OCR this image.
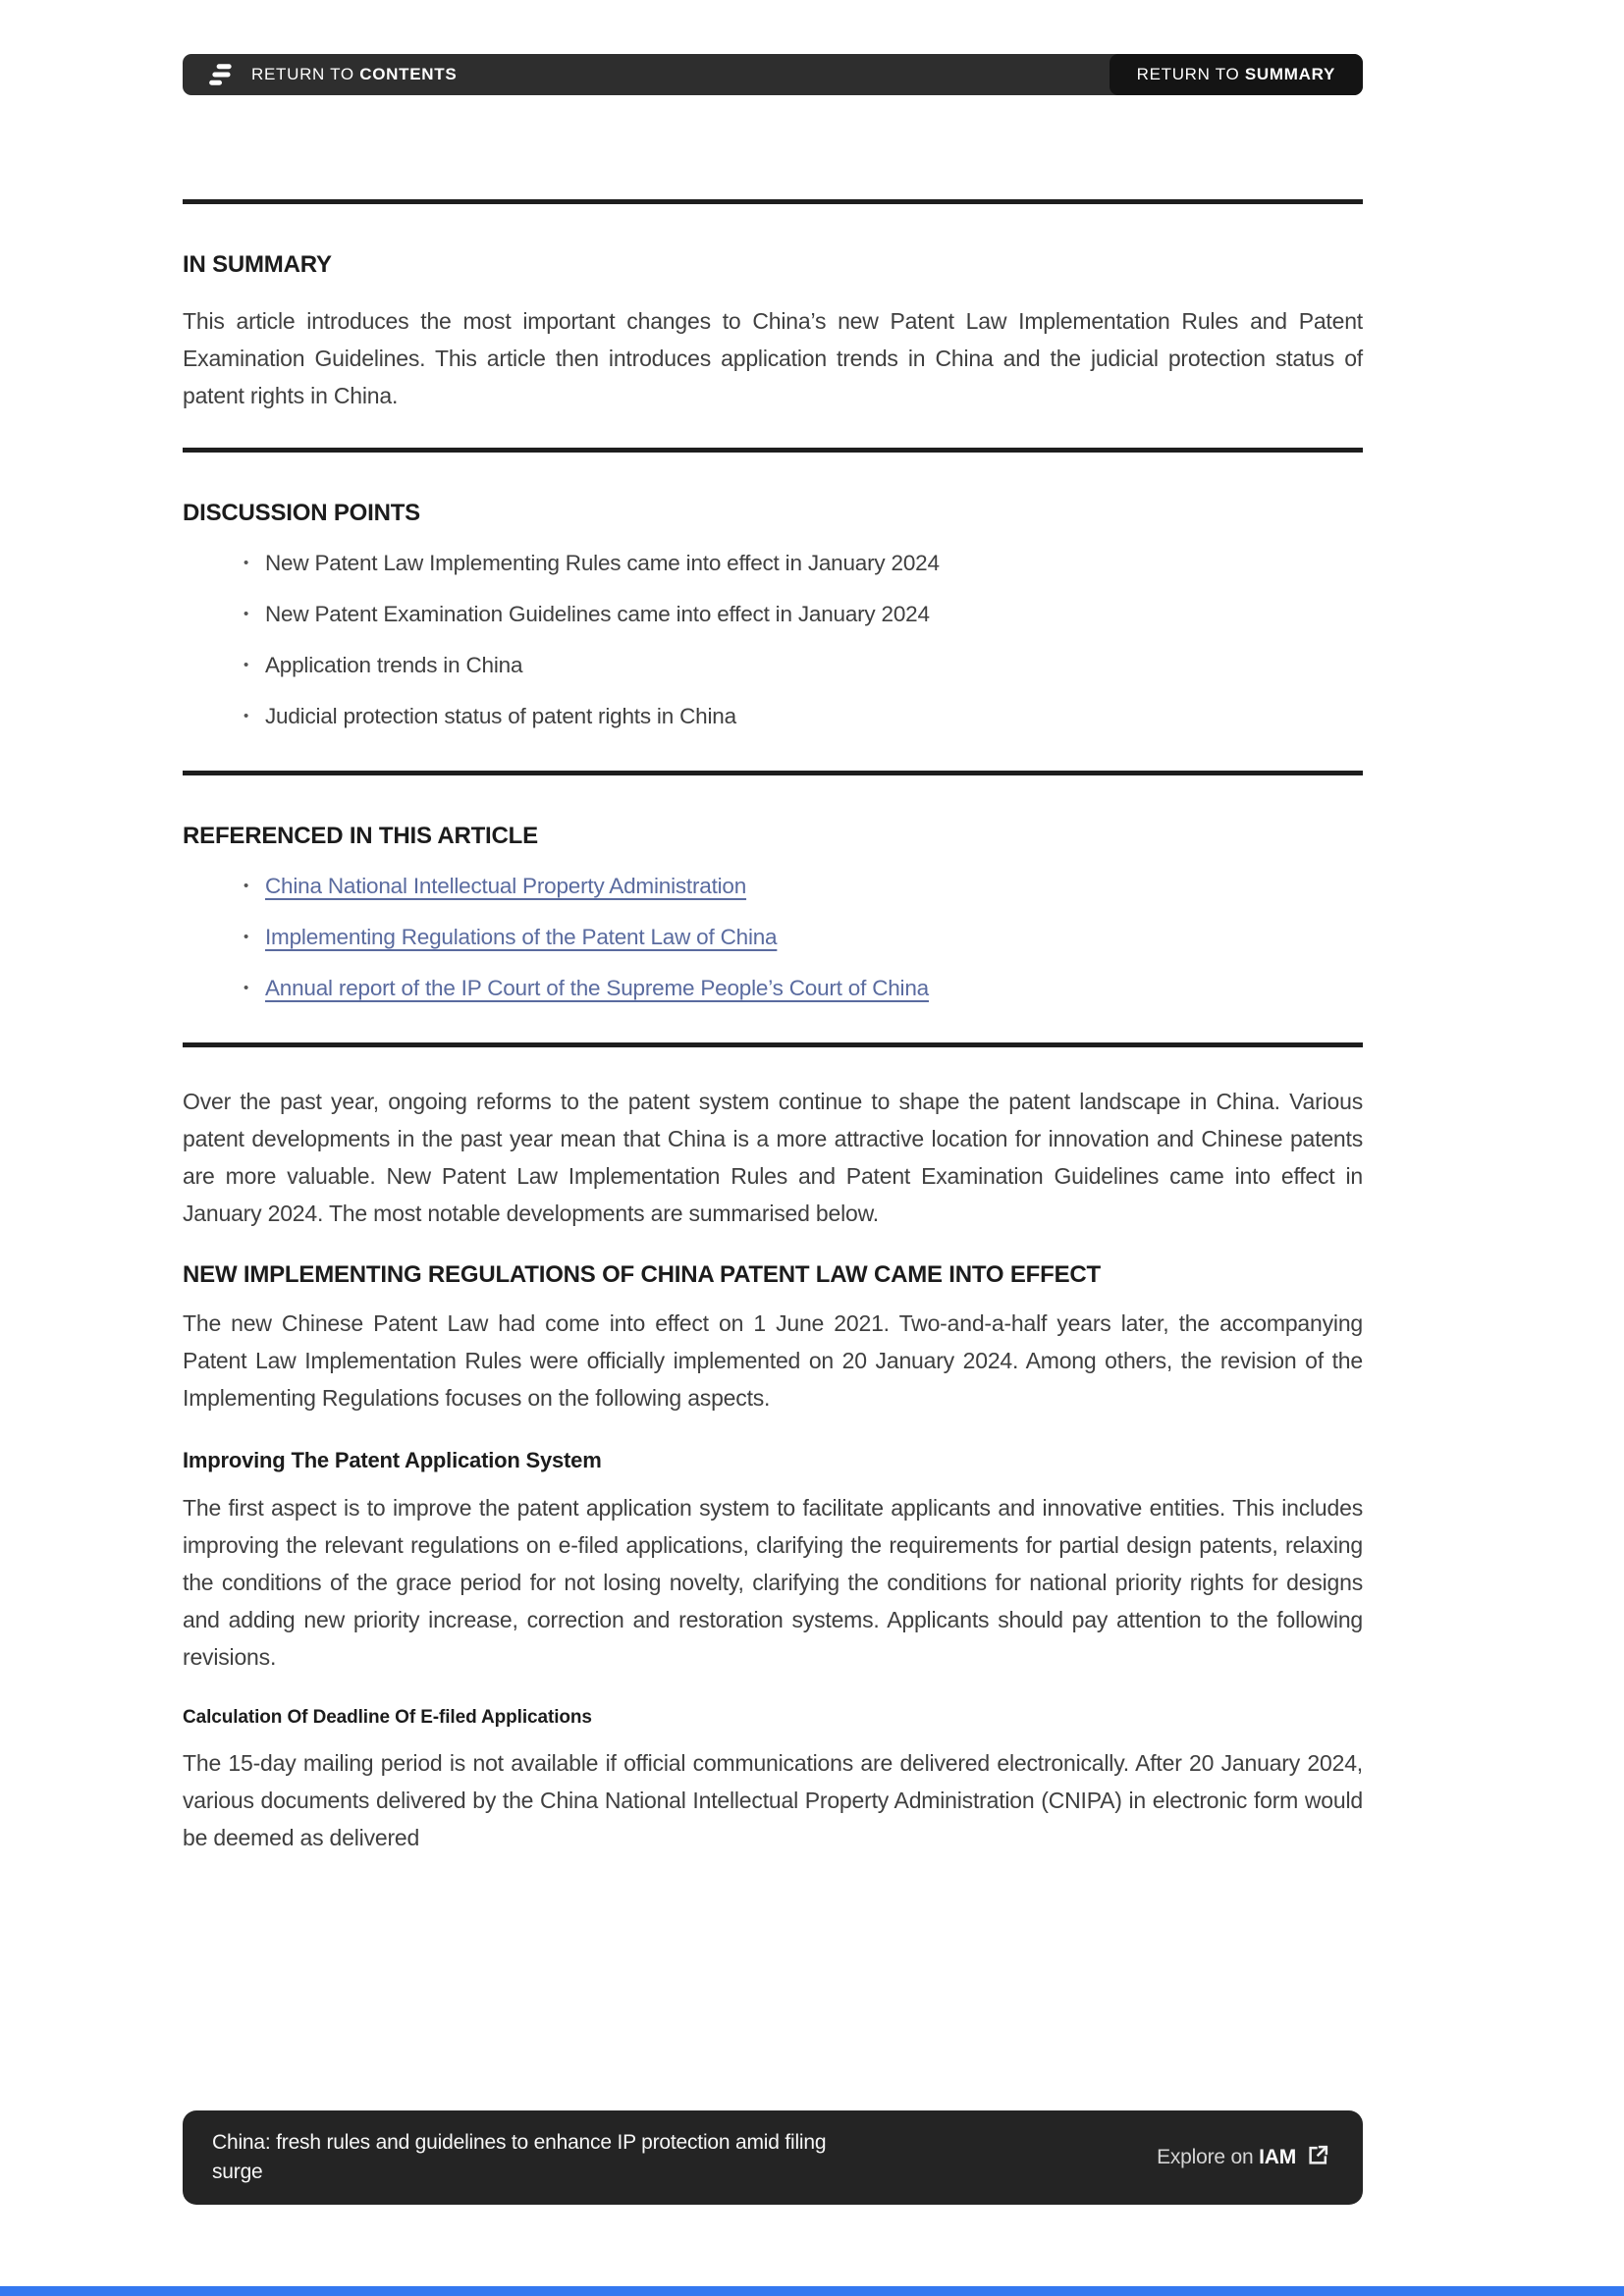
RETURN TO CONTENTS	RETURN TO SUMMARY
IN SUMMARY

This article introduces the most important changes to China’s new Patent Law Implementation Rules and Patent Examination Guidelines. This article then introduces application trends in China and the judicial protection status of patent rights in China.

DISCUSSION POINTS
• New Patent Law Implementing Rules came into effect in January 2024
• New Patent Examination Guidelines came into effect in January 2024
• Application trends in China
• Judicial protection status of patent rights in China
REFERENCED IN THIS ARTICLE
• China National Intellectual Property Administration
• Implementing Regulations of the Patent Law of China
• Annual report of the IP Court of the Supreme People’s Court of China

Over the past year, ongoing reforms to the patent system continue to shape the patent landscape in China. Various patent developments in the past year mean that China is a more attractive location for innovation and Chinese patents are more valuable. New Patent Law Implementation Rules and Patent Examination Guidelines came into effect in January 2024. The most notable developments are summarised below.

NEW IMPLEMENTING REGULATIONS OF CHINA PATENT LAW CAME INTO EFFECT

The new Chinese Patent Law had come into effect on 1 June 2021. Two-and-a-half years later, the accompanying Patent Law Implementation Rules were officially implemented on 20 January 2024. Among others, the revision of the Implementing Regulations focuses on the following aspects.

Improving The Patent Application System

The first aspect is to improve the patent application system to facilitate applicants and innovative entities. This includes improving the relevant regulations on e-filed applications, clarifying the requirements for partial design patents, relaxing the conditions of the grace period for not losing novelty, clarifying the conditions for national priority rights for designs and adding new priority increase, correction and restoration systems. Applicants should pay attention to the following revisions.

Calculation Of Deadline Of E-filed Applications

The 15-day mailing period is not available if official communications are delivered electronically. After 20 January 2024, various documents delivered by the China National Intellectual Property Administration (CNIPA) in electronic form would be deemed as delivered

China: fresh rules and guidelines to enhance IP protection amid filing surge
Explore on IAM
